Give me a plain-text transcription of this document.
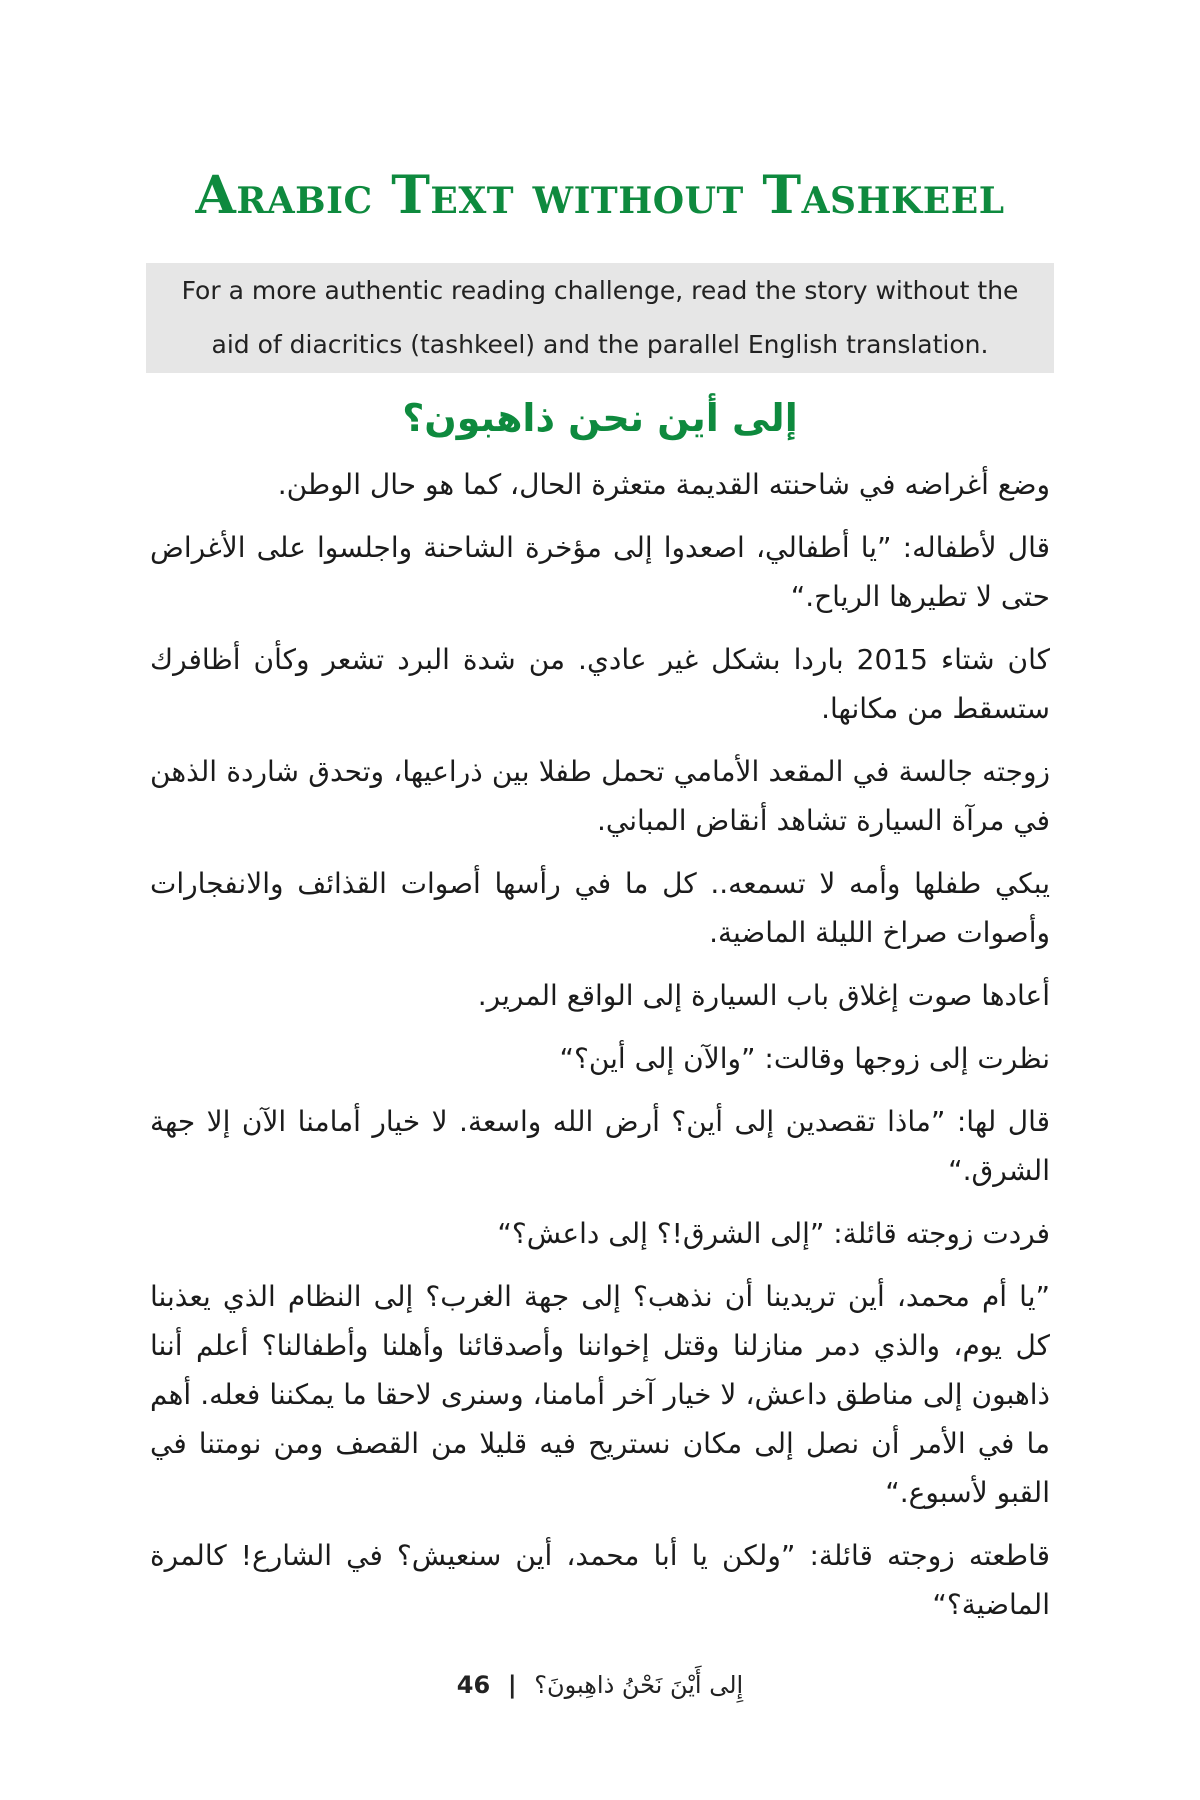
Arabic Text without Tashkeel
For a more authentic reading challenge, read the story without the aid of diacritics (tashkeel) and the parallel English translation.
إلى أين نحن ذاهبون؟

وضع أغراضه في شاحنته القديمة متعثرة الحال، كما هو حال الوطن.

قال لأطفاله: ”يا أطفالي، اصعدوا إلى مؤخرة الشاحنة واجلسوا على الأغراض حتى لا تطيرها الرياح.“

كان شتاء 2015 باردا بشكل غير عادي. من شدة البرد تشعر وكأن أظافرك ستسقط من مكانها.

زوجته جالسة في المقعد الأمامي تحمل طفلا بين ذراعيها، وتحدق شاردة الذهن في مرآة السيارة تشاهد أنقاض المباني.

يبكي طفلها وأمه لا تسمعه.. كل ما في رأسها أصوات القذائف والانفجارات وأصوات صراخ الليلة الماضية.

أعادها صوت إغلاق باب السيارة إلى الواقع المرير.

نظرت إلى زوجها وقالت: ”والآن إلى أين؟“

قال لها: ”ماذا تقصدين إلى أين؟ أرض الله واسعة. لا خيار أمامنا الآن إلا جهة الشرق.“

فردت زوجته قائلة: ”إلى الشرق!؟ إلى داعش؟“

”يا أم محمد، أين تريدينا أن نذهب؟ إلى جهة الغرب؟ إلى النظام الذي يعذبنا كل يوم، والذي دمر منازلنا وقتل إخواننا وأصدقائنا وأهلنا وأطفالنا؟ أعلم أننا ذاهبون إلى مناطق داعش، لا خيار آخر أمامنا، وسنرى لاحقا ما يمكننا فعله. أهم ما في الأمر أن نصل إلى مكان نستريح فيه قليلا من القصف ومن نومتنا في القبو لأسبوع.“

قاطعته زوجته قائلة: ”ولكن يا أبا محمد، أين سنعيش؟ في الشارع! كالمرة الماضية؟“

46 | إِلى أَيْنَ نَحْنُ ذاهِبونَ؟
